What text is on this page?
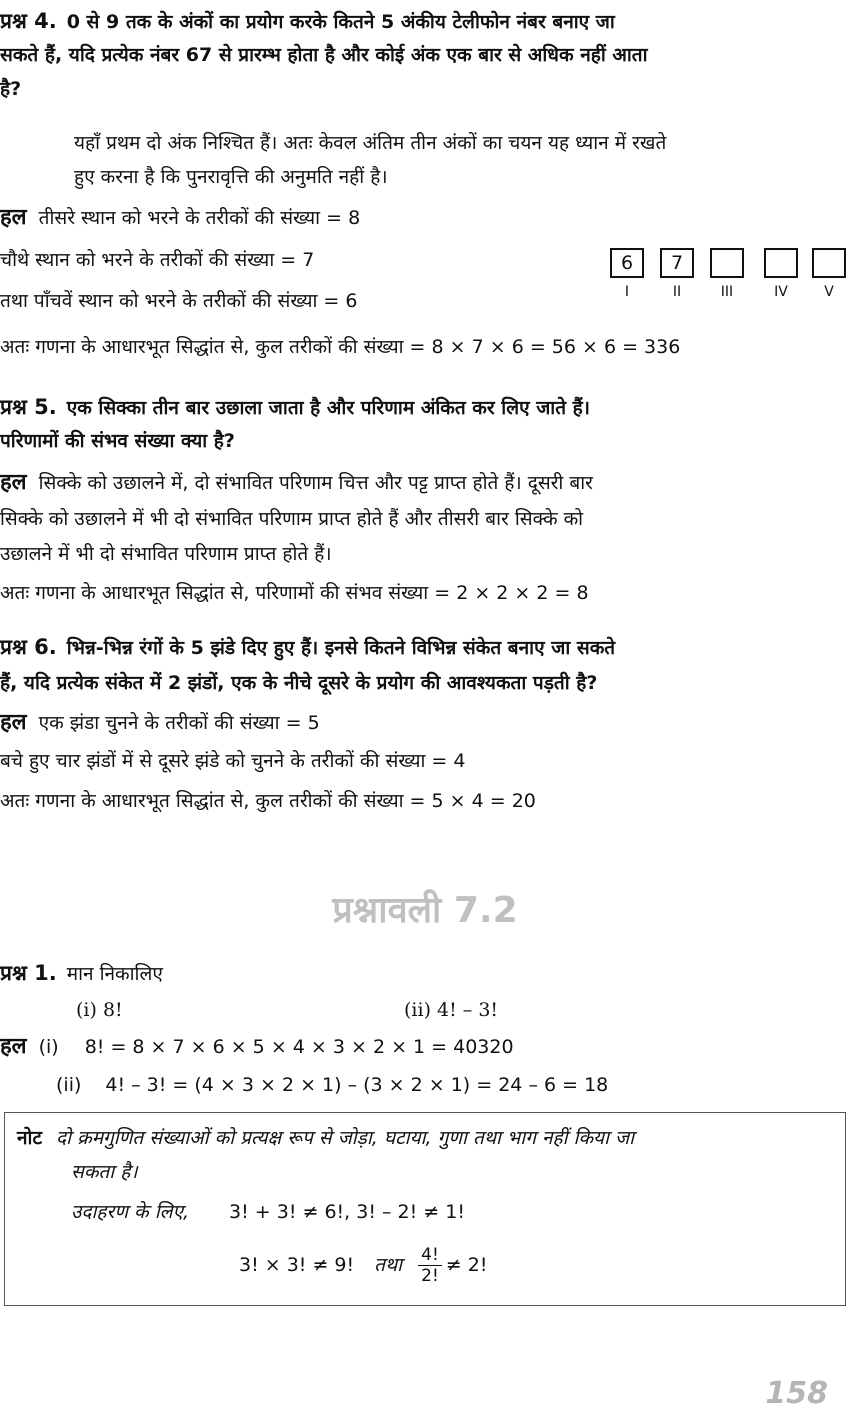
प्रश्न 4. 0 से 9 तक के अंकों का प्रयोग करके कितने 5 अंकीय टेलीफोन नंबर बनाए जा
सकते हैं, यदि प्रत्येक नंबर 67 से प्रारम्भ होता है और कोई अंक एक बार से अधिक नहीं आता
है?
यहाँ प्रथम दो अंक निश्चित हैं। अतः केवल अंतिम तीन अंकों का चयन यह ध्यान में रखते
हुए करना है कि पुनरावृत्ति की अनुमति नहीं है।
हल तीसरे स्थान को भरने के तरीकों की संख्या = 8
चौथे स्थान को भरने के तरीकों की संख्या = 7
तथा पाँचवें स्थान को भरने के तरीकों की संख्या = 6
अतः गणना के आधारभूत सिद्धांत से, कुल तरीकों की संख्या = 8 × 7 × 6 = 56 × 6 = 336
6	7
I	II	III	IV	V
प्रश्न 5. एक सिक्का तीन बार उछाला जाता है और परिणाम अंकित कर लिए जाते हैं।
परिणामों की संभव संख्या क्या है?
हल सिक्के को उछालने में, दो संभावित परिणाम चित्त और पट्ट प्राप्त होते हैं। दूसरी बार
सिक्के को उछालने में भी दो संभावित परिणाम प्राप्त होते हैं और तीसरी बार सिक्के को
उछालने में भी दो संभावित परिणाम प्राप्त होते हैं।
अतः गणना के आधारभूत सिद्धांत से, परिणामों की संभव संख्या = 2 × 2 × 2 = 8
प्रश्न 6. भिन्न-भिन्न रंगों के 5 झंडे दिए हुए हैं। इनसे कितने विभिन्न संकेत बनाए जा सकते
हैं, यदि प्रत्येक संकेत में 2 झंडों, एक के नीचे दूसरे के प्रयोग की आवश्यकता पड़ती है?
हल एक झंडा चुनने के तरीकों की संख्या = 5
बचे हुए चार झंडों में से दूसरे झंडे को चुनने के तरीकों की संख्या = 4
अतः गणना के आधारभूत सिद्धांत से, कुल तरीकों की संख्या = 5 × 4 = 20
प्रश्नावली 7.2
प्रश्न 1. मान निकालिए
(i) 8!	(ii) 4! – 3!
हल (i) 8! = 8 × 7 × 6 × 5 × 4 × 3 × 2 × 1 = 40320
(ii) 4! – 3! = (4 × 3 × 2 × 1) – (3 × 2 × 1) = 24 – 6 = 18
नोट दो क्रमगुणित संख्याओं को प्रत्यक्ष रूप से जोड़ा, घटाया, गुणा तथा भाग नहीं किया जा
सकता है।
उदाहरण के लिए, 3! + 3! ≠ 6!, 3! – 2! ≠ 1!
3! × 3! ≠ 9! तथा $\frac{4!}{2!} \ne 2$!
158
